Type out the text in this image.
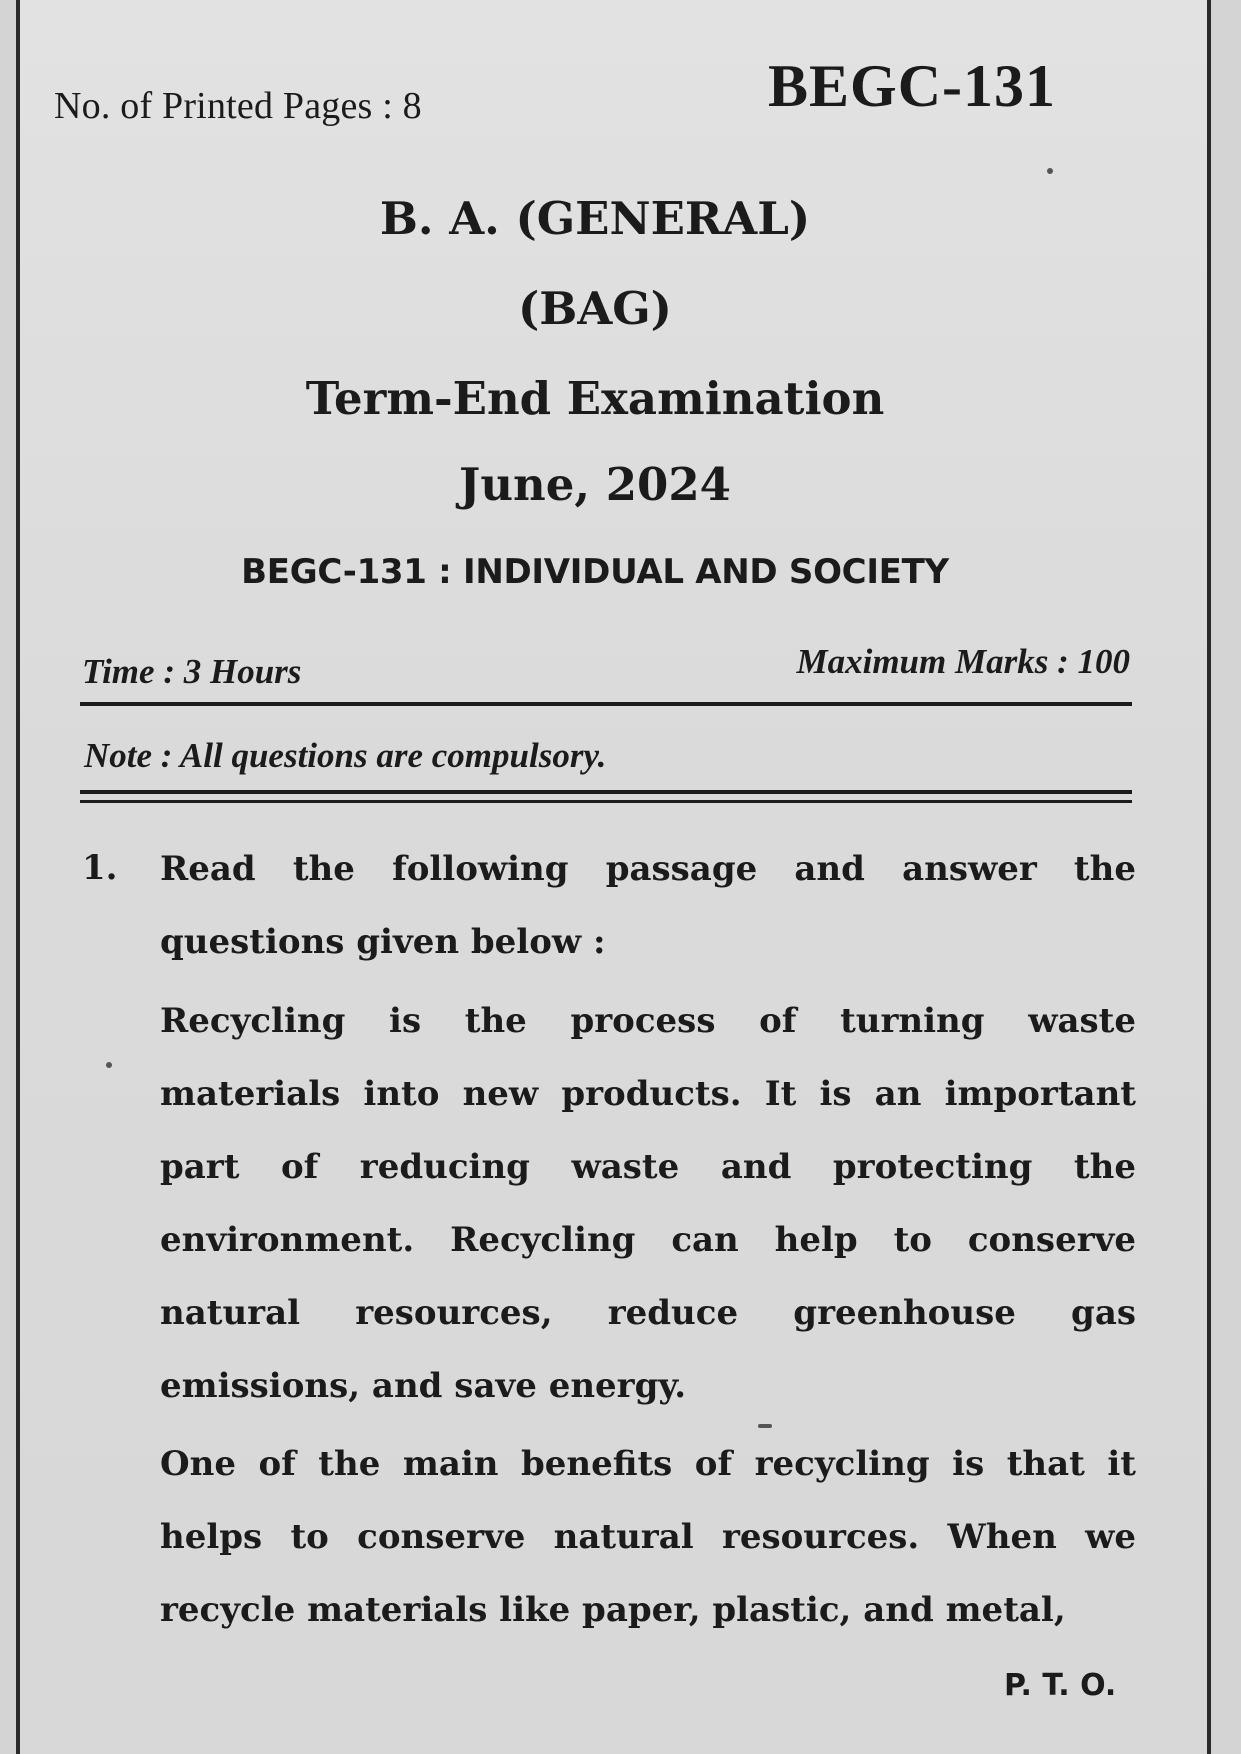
No. of Printed Pages : 8	BEGC-131
B. A. (GENERAL)
(BAG)
Term-End Examination
June, 2024
BEGC-131 : INDIVIDUAL AND SOCIETY
Time : 3 Hours	Maximum Marks : 100
Note : All questions are compulsory.
1. Read the following passage and answer the questions given below :

Recycling is the process of turning waste materials into new products. It is an important part of reducing waste and protecting the environment. Recycling can help to conserve natural resources, reduce greenhouse gas emissions, and save energy.

One of the main benefits of recycling is that it helps to conserve natural resources. When we recycle materials like paper, plastic, and metal,

P. T. O.
